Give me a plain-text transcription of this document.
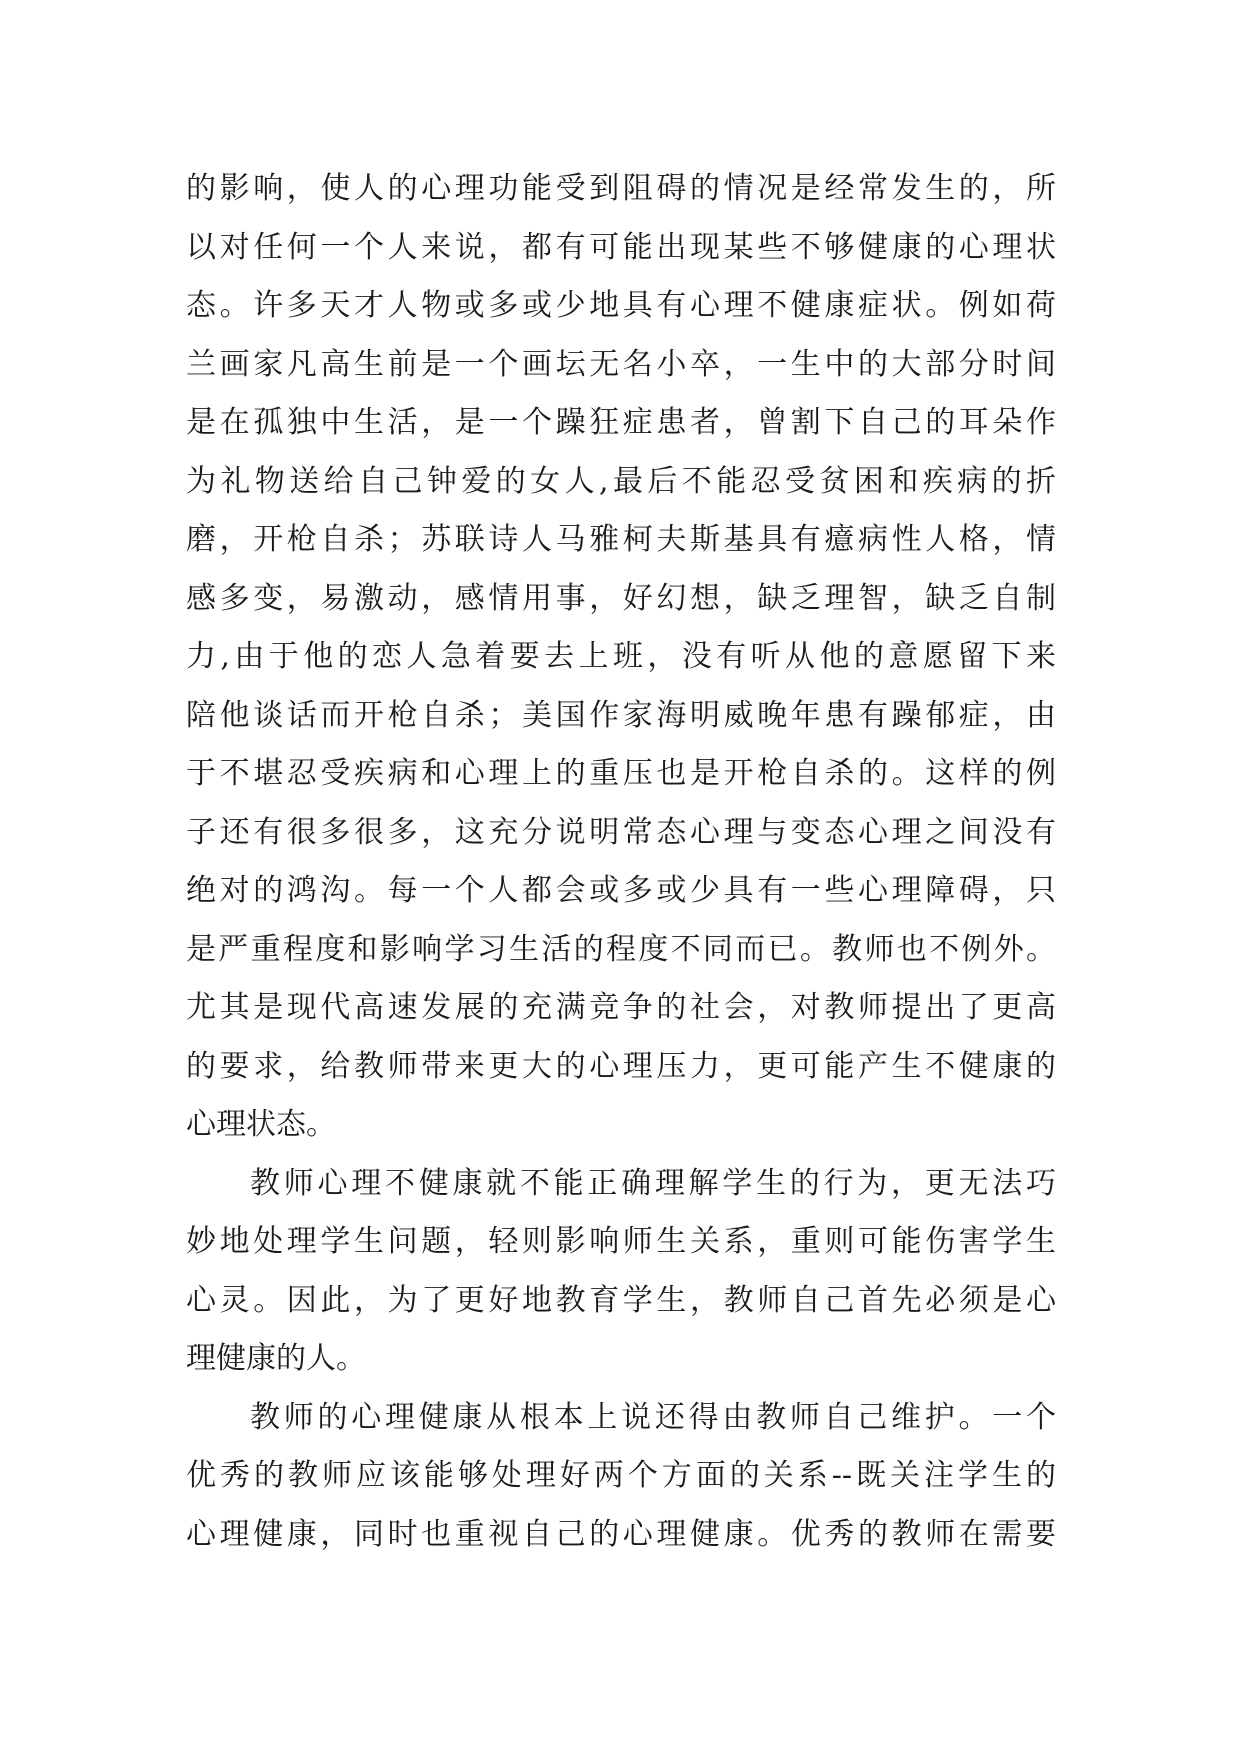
的影响，使人的心理功能受到阻碍的情况是经常发生的，所
以对任何一个人来说，都有可能出现某些不够健康的心理状
态。许多天才人物或多或少地具有心理不健康症状。例如荷
兰画家凡高生前是一个画坛无名小卒，一生中的大部分时间
是在孤独中生活，是一个躁狂症患者，曾割下自己的耳朵作
为礼物送给自己钟爱的女人,最后不能忍受贫困和疾病的折
磨，开枪自杀；苏联诗人马雅柯夫斯基具有癔病性人格，情
感多变，易激动，感情用事，好幻想，缺乏理智，缺乏自制
力,由于他的恋人急着要去上班，没有听从他的意愿留下来
陪他谈话而开枪自杀；美国作家海明威晚年患有躁郁症，由
于不堪忍受疾病和心理上的重压也是开枪自杀的。这样的例
子还有很多很多，这充分说明常态心理与变态心理之间没有
绝对的鸿沟。每一个人都会或多或少具有一些心理障碍，只
是严重程度和影响学习生活的程度不同而已。教师也不例外。
尤其是现代高速发展的充满竞争的社会，对教师提出了更高
的要求，给教师带来更大的心理压力，更可能产生不健康的
心理状态。

教师心理不健康就不能正确理解学生的行为，更无法巧
妙地处理学生问题，轻则影响师生关系，重则可能伤害学生
心灵。因此，为了更好地教育学生，教师自己首先必须是心
理健康的人。

教师的心理健康从根本上说还得由教师自己维护。一个
优秀的教师应该能够处理好两个方面的关系--既关注学生的
心理健康，同时也重视自己的心理健康。优秀的教师在需要
